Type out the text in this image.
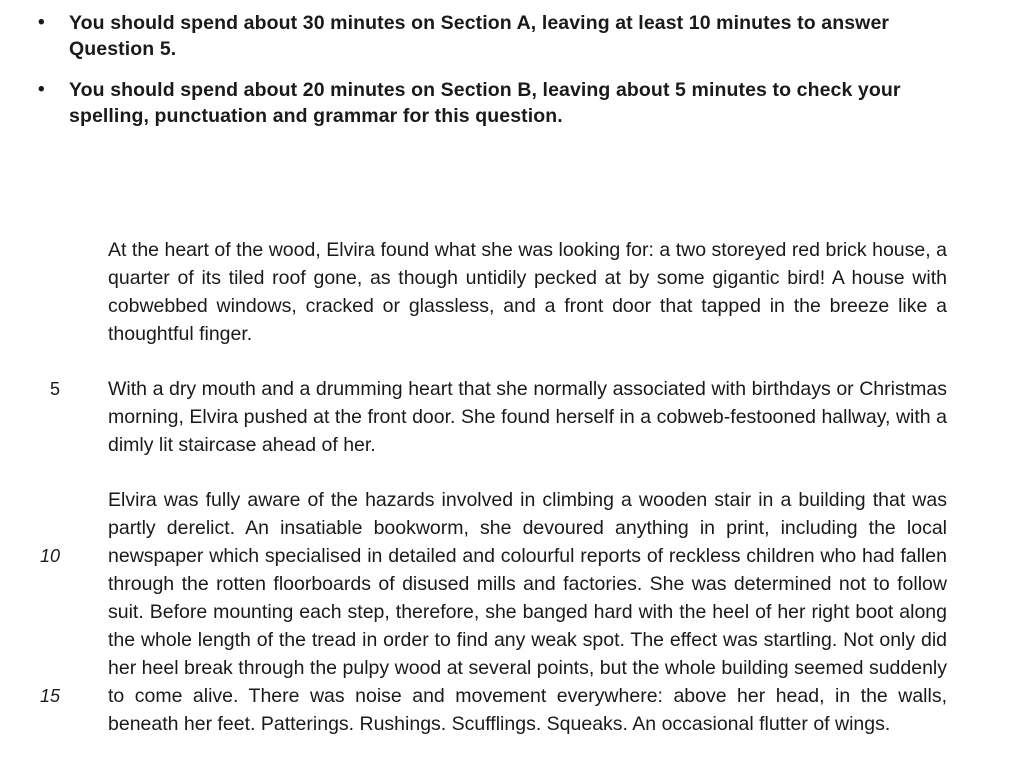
• You should spend about 30 minutes on Section A, leaving at least 10 minutes to answer Question 5.
• You should spend about 20 minutes on Section B, leaving about 5 minutes to check your spelling, punctuation and grammar for this question.
At the heart of the wood, Elvira found what she was looking for: a two storeyed red brick house, a quarter of its tiled roof gone, as though untidily pecked at by some gigantic bird! A house with cobwebbed windows, cracked or glassless, and a front door that tapped in the breeze like a thoughtful finger.
5 With a dry mouth and a drumming heart that she normally associated with birthdays or Christmas morning, Elvira pushed at the front door. She found herself in a cobweb-festooned hallway, with a dimly lit staircase ahead of her.
10
15
Elvira was fully aware of the hazards involved in climbing a wooden stair in a building that was partly derelict. An insatiable bookworm, she devoured anything in print, including the local newspaper which specialised in detailed and colourful reports of reckless children who had fallen through the rotten floorboards of disused mills and factories. She was determined not to follow suit. Before mounting each step, therefore, she banged hard with the heel of her right boot along the whole length of the tread in order to find any weak spot. The effect was startling. Not only did her heel break through the pulpy wood at several points, but the whole building seemed suddenly to come alive. There was noise and movement everywhere: above her head, in the walls, beneath her feet. Patterings. Rushings. Scufflings. Squeaks. An occasional flutter of wings.
